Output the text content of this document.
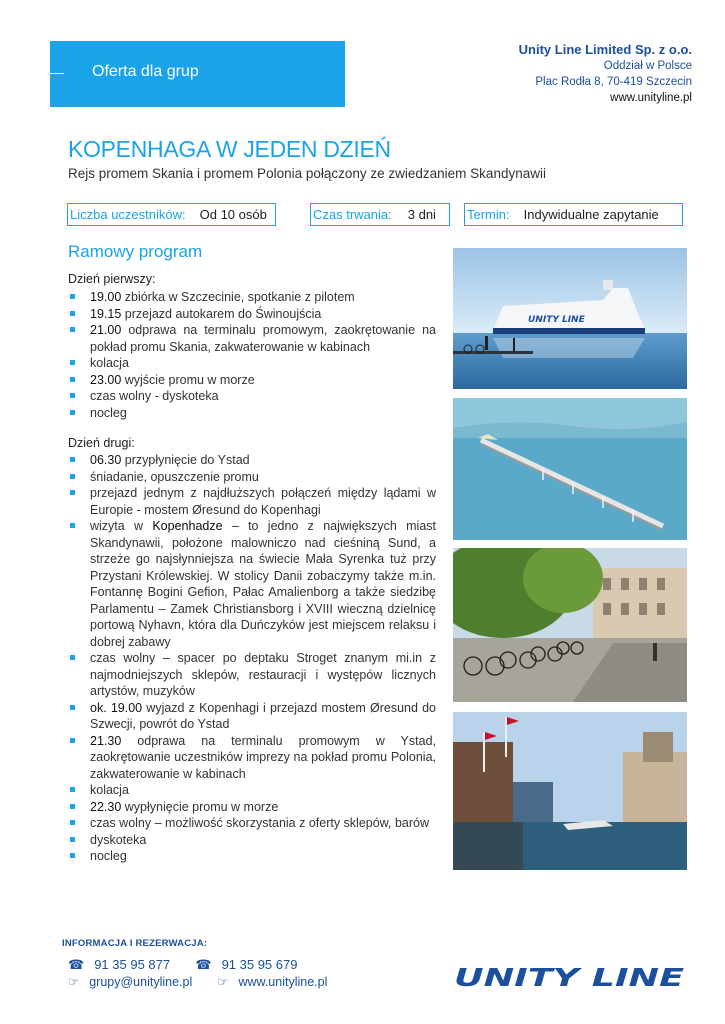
Oferta dla grup
Unity Line Limited Sp. z o.o.
Oddział w Polsce
Plac Rodła 8, 70-419 Szczecin
www.unityline.pl
KOPENHAGA W JEDEN DZIEŃ
Rejs promem Skania i promem Polonia połączony ze zwiedzaniem Skandynawii
Liczba uczestników: Od 10 osób	Czas trwania: 3 dni Termin: Indywidualne zapytanie
Ramowy program
Dzień pierwszy:
19.00 zbiórka w Szczecinie, spotkanie z pilotem
19.15 przejazd autokarem do Świnoujścia
21.00 odprawa na terminalu promowym, zaokrętowanie na pokład promu Skania, zakwaterowanie w kabinach
kolacja
23.00 wyjście promu w morze
czas wolny - dyskoteka
nocleg
Dzień drugi:
06.30 przypłynięcie do Ystad
śniadanie, opuszczenie promu
przejazd jednym z najdłuższych połączeń między lądami w Europie - mostem Øresund do Kopenhagi
wizyta w Kopenhadze – to jedno z największych miast Skandynawii, położone malowniczo nad cieśniną Sund, a strzeże go najsłynniejsza na świecie Mała Syrenka tuż przy Przystani Królewskiej. W stolicy Danii zobaczymy także m.in. Fontannę Bogini Gefion, Pałac Amalienborg a także siedzibę Parlamentu – Zamek Christiansborg i XVIII wieczną dzielnicę portową Nyhavn, która dla Duńczyków jest miejscem relaksu i dobrej zabawy
czas wolny – spacer po deptaku Stroget znanym mi.in z najmodniejszych sklepów, restauracji i występów licznych artystów, muzyków
ok. 19.00 wyjazd z Kopenhagi i przejazd mostem Øresund do Szwecji, powrót do Ystad
21.30 odprawa na terminalu promowym w Ystad, zaokrętowanie uczestników imprezy na pokład promu Polonia, zakwaterowanie w kabinach
kolacja
22.30 wypłynięcie promu w morze
czas wolny – możliwość skorzystania z oferty sklepów, barów
dyskoteka
nocleg
UNITY LINE
INFORMACJA I REZERWACJA:
☎ 91 35 95 877 ☎ 91 35 95 679
☞ grupy@unityline.pl ☞ www.unityline.pl	UNITY LINE
